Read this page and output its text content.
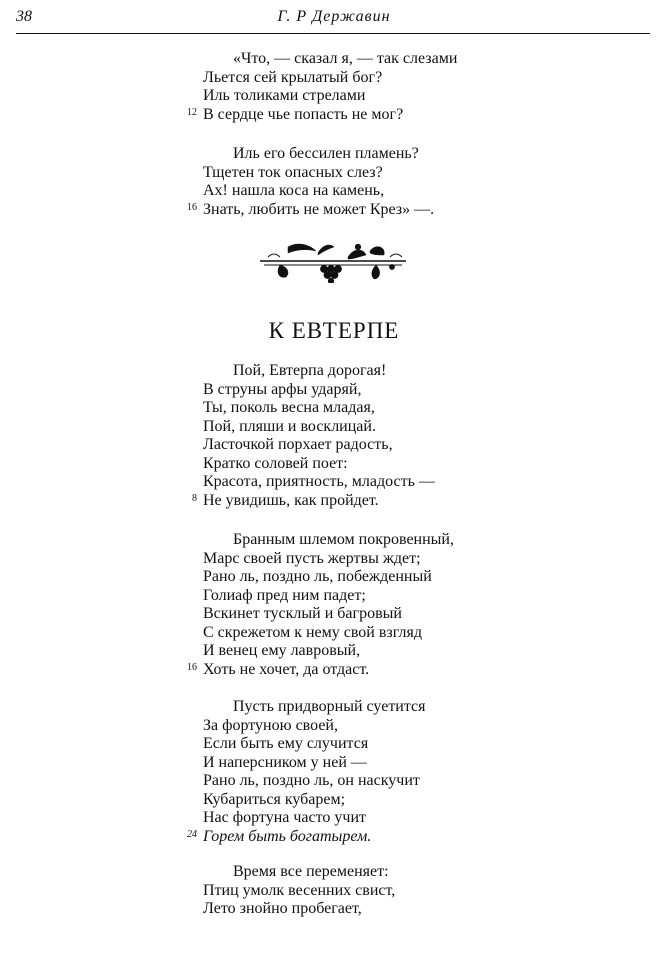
38	Г. Р Державин
«Что, — сказал я, — так слезами
Льется сей крылатый бог?
Иль толиками стрелами
В сердце чье попасть не мог?
12
Иль его бессилен пламень?
Тщетен ток опасных слез?
Ах! нашла коса на камень,
Знать, любить не может Крез» —.
16
К ЕВТЕРПЕ
Пой, Евтерпа дорогая!
В струны арфы ударяй,
Ты, поколь весна младая,
Пой, пляши и восклицай.
Ласточкой порхает радость,
Кратко соловей поет:
Красота, приятность, младость —
Не увидишь, как пройдет.
8
Бранным шлемом покровенный,
Марс своей пусть жертвы ждет;
Рано ль, поздно ль, побежденный
Голиаф пред ним падет;
Вскинет тусклый и багровый
С скрежетом к нему свой взгляд
И венец ему лавровый,
Хоть не хочет, да отдаст.
16
Пусть придворный суетится
За фортуною своей,
Если быть ему случится
И наперсником у ней —
Рано ль, поздно ль, он наскучит
Кубариться кубарем;
Нас фортуна часто учит
Горем быть богатырем.
24
Время все переменяет:
Птиц умолк весенних свист,
Лето знойно пробегает,
